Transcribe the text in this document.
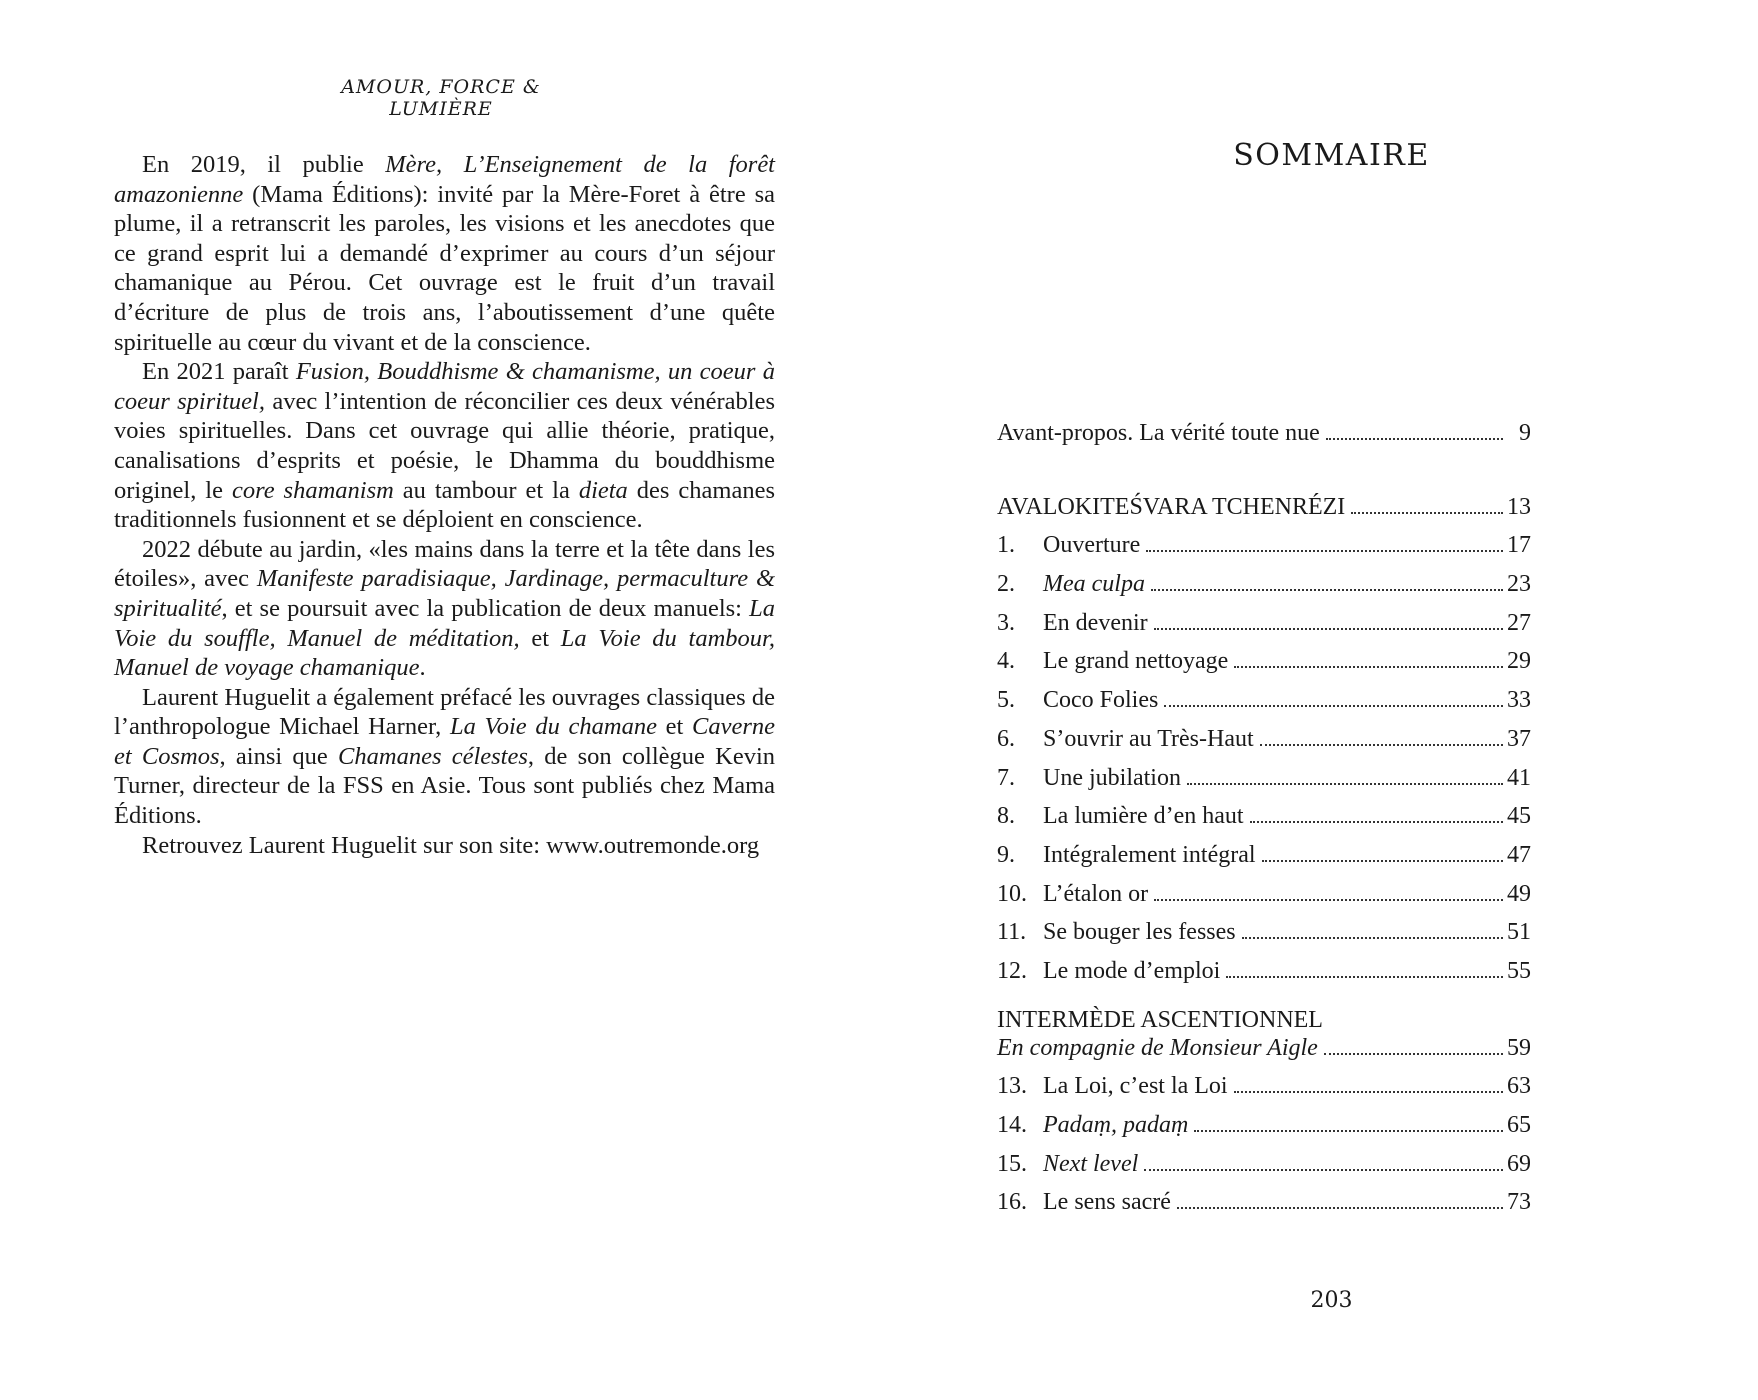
AMOUR, FORCE & LUMIÈRE

En 2019, il publie Mère, L’Enseignement de la forêt amazonienne (Mama Éditions): invité par la Mère-Foret à être sa plume, il a retranscrit les paroles, les visions et les anecdotes que ce grand esprit lui a demandé d’exprimer au cours d’un séjour chamanique au Pérou. Cet ouvrage est le fruit d’un travail d’écriture de plus de trois ans, l’aboutissement d’une quête spirituelle au cœur du vivant et de la conscience.

En 2021 paraît Fusion, Bouddhisme & chamanisme, un coeur à coeur spirituel, avec l’intention de réconcilier ces deux vénérables voies spirituelles. Dans cet ouvrage qui allie théorie, pratique, canalisations d’esprits et poésie, le Dhamma du bouddhisme originel, le core shamanism au tambour et la dieta des chamanes traditionnels fusionnent et se déploient en conscience.

2022 débute au jardin, «les mains dans la terre et la tête dans les étoiles», avec Manifeste paradisiaque, Jardinage, permaculture & spiritualité, et se poursuit avec la publication de deux manuels: La Voie du souffle, Manuel de méditation, et La Voie du tambour, Manuel de voyage chamanique.

Laurent Huguelit a également préfacé les ouvrages classiques de l’anthropologue Michael Harner, La Voie du chamane et Caverne et Cosmos, ainsi que Chamanes célestes, de son collègue Kevin Turner, directeur de la FSS en Asie. Tous sont publiés chez Mama Éditions.

Retrouvez Laurent Huguelit sur son site: www.outremonde.org

SOMMAIRE
Avant-propos. La vérité toute nue	9
AVALOKITEŚVARA TCHENRÉZI	13
1.	Ouverture	17
2.	Mea culpa	23
3.	En devenir	27
4.	Le grand nettoyage	29
5.	Coco Folies	33
6.	S’ouvrir au Très-Haut	37
7.	Une jubilation	41
8.	La lumière d’en haut	45
9.	Intégralement intégral	47
10. L’étalon or	49
11. Se bouger les fesses	51
12. Le mode d’emploi	55
INTERMÈDE ASCENTIONNEL
En compagnie de Monsieur Aigle	59
13. La Loi, c’est la Loi	63
14. Padaṃ, padaṃ	65
15. Next level	69
16. Le sens sacré	73
203
